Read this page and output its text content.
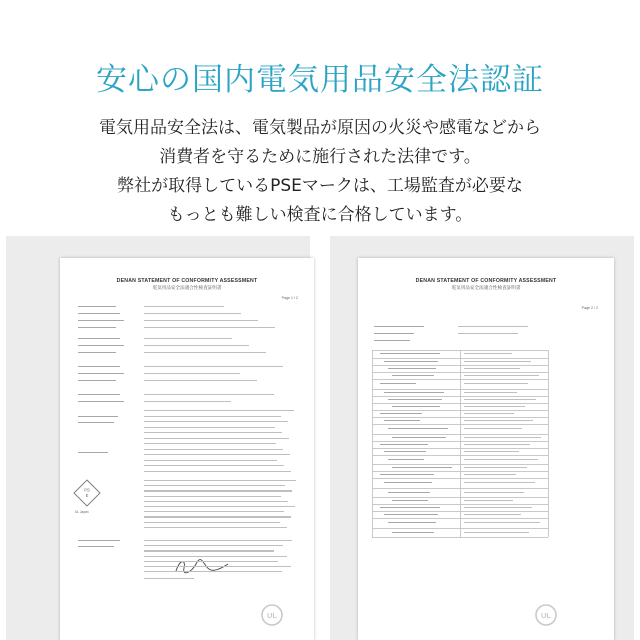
安心の国内電気用品安全法認証
電気用品安全法は、電気製品が原因の火災や感電などから
消費者を守るために施行された法律です。
弊社が取得しているPSEマークは、工場監査が必要な
もっとも難しい検査に合格しています。
DENAN STATEMENT OF CONFORMITY ASSESSMENT
電気用品安全法適合性検査証明書
Page 1 / 2
PS
E
UL Japan
UL
DENAN STATEMENT OF CONFORMITY ASSESSMENT
電気用品安全法適合性検査証明書
Page 2 / 2
UL
